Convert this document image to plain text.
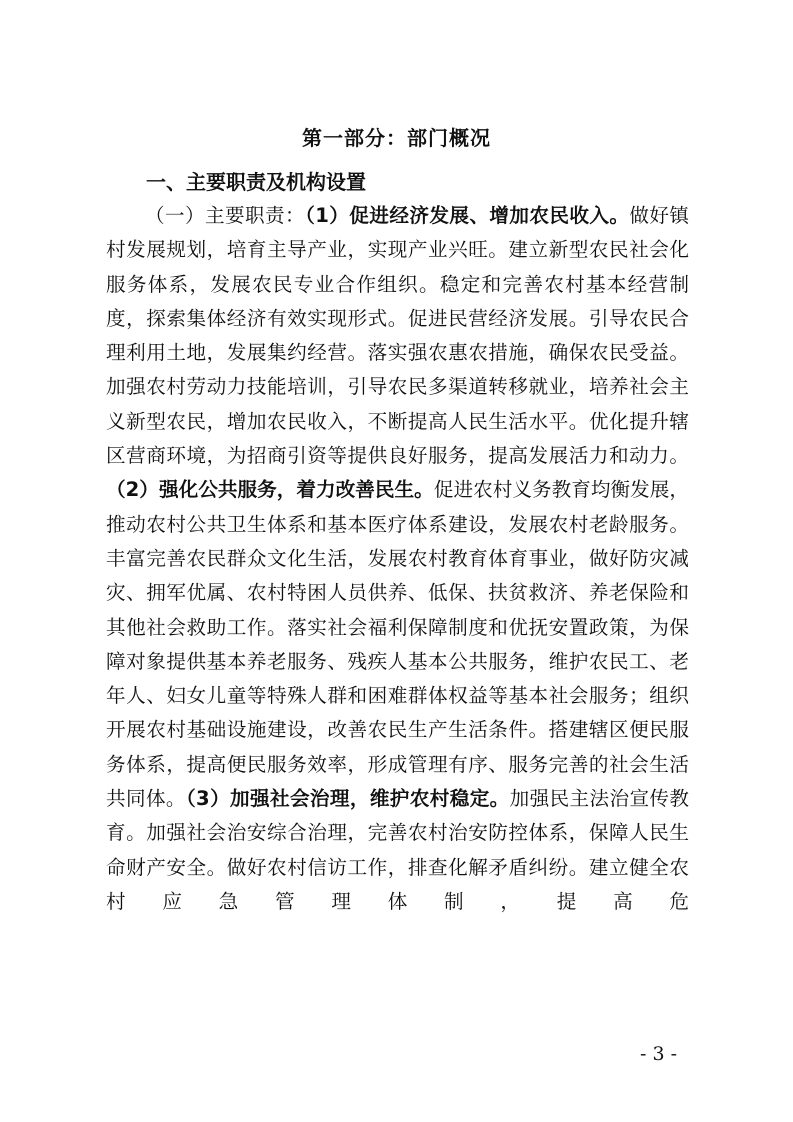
第一部分：部门概况
一、主要职责及机构设置

（一）主要职责：（1）促进经济发展、增加农民收入。做好镇村发展规划，培育主导产业，实现产业兴旺。建立新型农民社会化服务体系，发展农民专业合作组织。稳定和完善农村基本经营制度，探索集体经济有效实现形式。促进民营经济发展。引导农民合理利用土地，发展集约经营。落实强农惠农措施，确保农民受益。加强农村劳动力技能培训，引导农民多渠道转移就业，培养社会主义新型农民，增加农民收入，不断提高人民生活水平。优化提升辖区营商环境，为招商引资等提供良好服务，提高发展活力和动力。（2）强化公共服务，着力改善民生。促进农村义务教育均衡发展，推动农村公共卫生体系和基本医疗体系建设，发展农村老龄服务。丰富完善农民群众文化生活，发展农村教育体育事业，做好防灾减灾、拥军优属、农村特困人员供养、低保、扶贫救济、养老保险和其他社会救助工作。落实社会福利保障制度和优抚安置政策，为保障对象提供基本养老服务、残疾人基本公共服务，维护农民工、老年人、妇女儿童等特殊人群和困难群体权益等基本社会服务；组织开展农村基础设施建设，改善农民生产生活条件。搭建辖区便民服务体系，提高便民服务效率，形成管理有序、服务完善的社会生活共同体。（3）加强社会治理，维护农村稳定。加强民主法治宣传教育。加强社会治安综合治理，完善农村治安防控体系，保障人民生命财产安全。做好农村信访工作，排查化解矛盾纠纷。建立健全农村应急管理体制，提高危

- 3 -
